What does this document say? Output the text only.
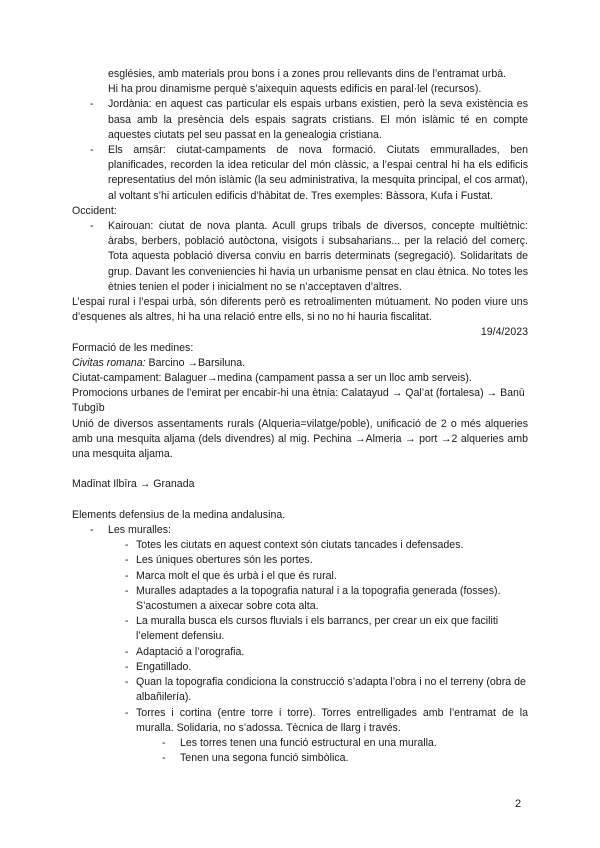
esglésies, amb materials prou bons i a zones prou rellevants dins de l’entramat urbà.

Hi ha prou dinamisme perquè s’aixequin aquests edificis en paral·lel (recursos).

- Jordània: en aquest cas particular els espais urbans existien, però la seva existència es basa amb la presència dels espais sagrats cristians. El món islàmic té en compte aquestes ciutats pel seu passat en la genealogia cristiana.
- Els amṣār: ciutat-campaments de nova formació. Ciutats emmurallades, ben planificades, recorden la idea reticular del món clàssic, a l’espai central hi ha els edificis representatius del món islàmic (la seu administrativa, la mesquita principal, el cos armat), al voltant s’hi articulen edificis d’hàbitat de. Tres exemples: Bàssora, Kufa i Fustat.

Occident:

- Kairouan: ciutat de nova planta. Acull grups tribals de diversos, concepte multiètnic: àrabs, berbers, població autòctona, visigots i subsaharians... per la relació del comerç. Tota aquesta població diversa conviu en barris determinats (segregació). Solidaritats de grup. Davant les conveniencies hi havia un urbanisme pensat en clau ètnica. No totes les ètnies tenien el poder i inicialment no se n’acceptaven d’altres.

L’espai rural i l’espai urbà, són diferents però es retroalimenten mútuament. No poden viure uns d’esquenes als altres, hi ha una relació entre ells, si no no hi hauria fiscalitat.

19/4/2023

Formació de les medines:

Civitas romana: Barcino →Barsiluna.

Ciutat-campament: Balaguer→medina (campament passa a ser un lloc amb serveis).

Promocions urbanes de l’emirat per encabir-hi una ètnia: Calatayud → Qal’at (fortalesa) → Banū Tubgīb

Unió de diversos assentaments rurals (Alqueria=vilatge/poble), unificació de 2 o més alqueries amb una mesquita aljama (dels divendres) al mig. Pechina →Almeria → port →2 alqueries amb una mesquita aljama.

Madīnat Ilbīra → Granada

Elements defensius de la medina andalusina.

- Les muralles:
- Totes les ciutats en aquest context són ciutats tancades i defensades.
- Les úniques obertures són les portes.
- Marca molt el que és urbà i el que és rural.
- Muralles adaptades a la topografia natural i a la topografia generada (fosses). S’acostumen a aixecar sobre cota alta.
- La muralla busca els cursos fluvials i els barrancs, per crear un eix que faciliti l’element defensiu.
- Adaptació a l’orografia.
- Engatillado.
- Quan la topografia condiciona la construcció s’adapta l’obra i no el terreny (obra de albañilería).
- Torres i cortina (entre torre i torre). Torres entrelligades amb l’entramat de la muralla. Solidaria, no s’adossa. Tècnica de llarg i través.
- Les torres tenen una funció estructural en una muralla.
- Tenen una segona funció simbòlica.
2
